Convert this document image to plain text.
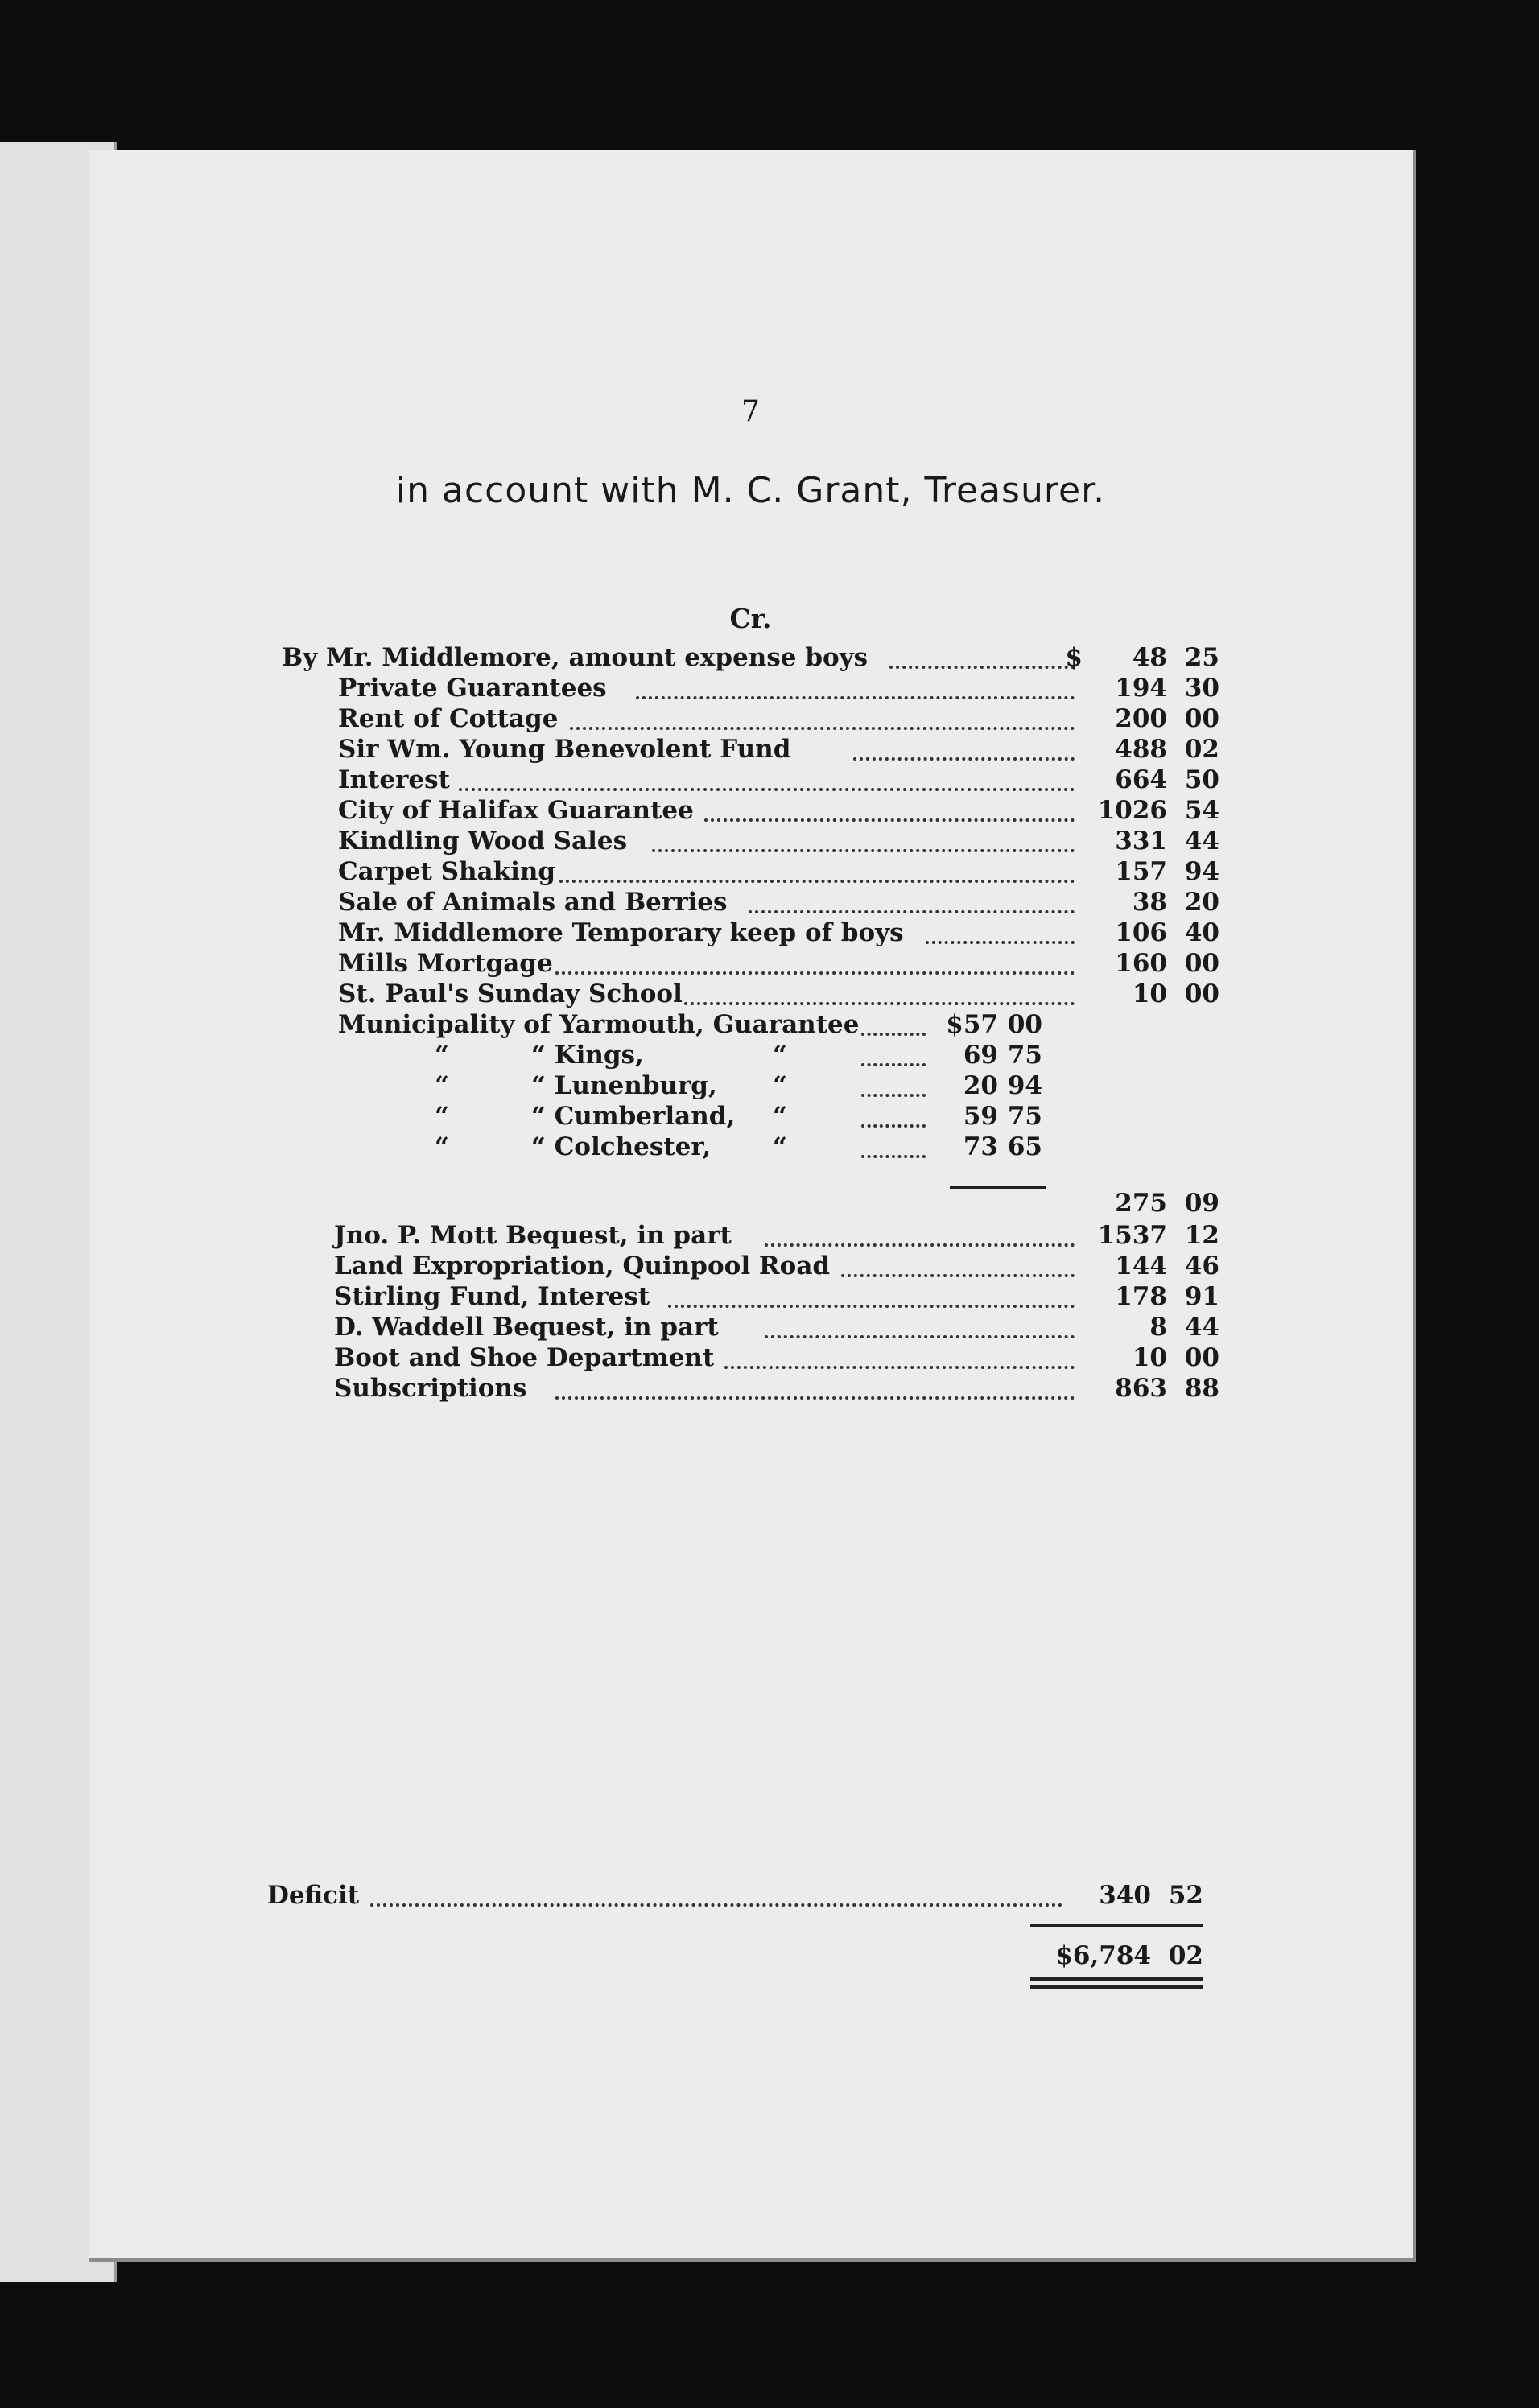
7
in account with M. C. Grant, Treasurer.
Cr.
By Mr. Middlemore, amount expense boys	$	48 25
Private Guarantees	194 30
Rent of Cottage	200 00
Sir Wm. Young Benevolent Fund	488 02
Interest	664 50
City of Halifax Guarantee	1026 54
Kindling Wood Sales	331 44
Carpet Shaking	157 94
Sale of Animals and Berries	38 20
Mr. Middlemore Temporary keep of boys	106 40
Mills Mortgage	160 00
St. Paul's Sunday School	10 00
Municipality of Yarmouth, Guarantee	$57 00
“	“ Kings,	“	69 75
“	“ Lunenburg, “	20 94
“	“ Cumberland, “	59 75
“	“ Colchester, “	73 65
275 09
Jno. P. Mott Bequest, in part	1537 12
Land Expropriation, Quinpool Road	144 46
Stirling Fund, Interest	178 91
D. Waddell Bequest, in part	8 44
Boot and Shoe Department	10 00
Subscriptions	863 88
Deficit	340 52
$6,784 02
